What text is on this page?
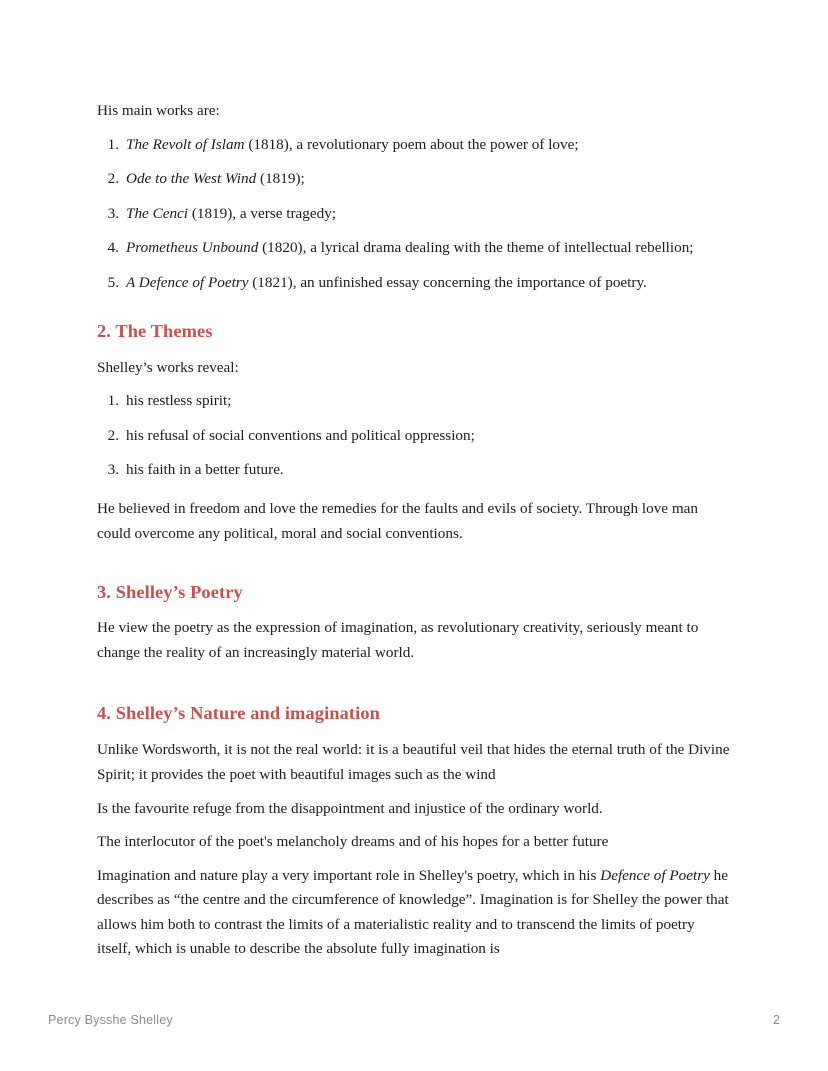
His main works are:

1. The Revolt of Islam (1818), a revolutionary poem about the power of love;
2. Ode to the West Wind (1819);
3. The Cenci (1819), a verse tragedy;
4. Prometheus Unbound (1820), a lyrical drama dealing with the theme of intellectual rebellion;
5. A Defence of Poetry (1821), an unfinished essay concerning the importance of poetry.
2. The Themes

Shelley’s works reveal:

1. his restless spirit;
2. his refusal of social conventions and political oppression;
3. his faith in a better future.

He believed in freedom and love the remedies for the faults and evils of society. Through love man could overcome any political, moral and social conventions.

3. Shelley’s Poetry

He view the poetry as the expression of imagination, as revolutionary creativity, seriously meant to change the reality of an increasingly material world.

4. Shelley’s Nature and imagination

Unlike Wordsworth, it is not the real world: it is a beautiful veil that hides the eternal truth of the Divine Spirit; it provides the poet with beautiful images such as the wind

Is the favourite refuge from the disappointment and injustice of the ordinary world.

The interlocutor of the poet's melancholy dreams and of his hopes for a better future

Imagination and nature play a very important role in Shelley's poetry, which in his Defence of Poetry he describes as “the centre and the circumference of knowledge”. Imagination is for Shelley the power that allows him both to contrast the limits of a materialistic reality and to transcend the limits of poetry itself, which is unable to describe the absolute fully imagination is

Percy Bysshe Shelley	2
